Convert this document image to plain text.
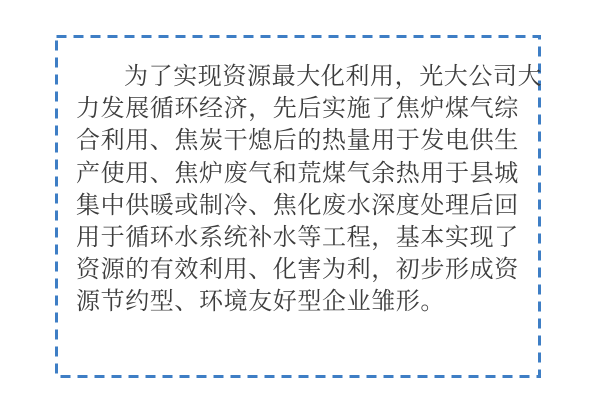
为了实现资源最大化利用，光大公司大
力发展循环经济，先后实施了焦炉煤气综
合利用、焦炭干熄后的热量用于发电供生
产使用、焦炉废气和荒煤气余热用于县城
集中供暖或制冷、焦化废水深度处理后回
用于循环水系统补水等工程，基本实现了
资源的有效利用、化害为利，初步形成资
源节约型、环境友好型企业雏形。
